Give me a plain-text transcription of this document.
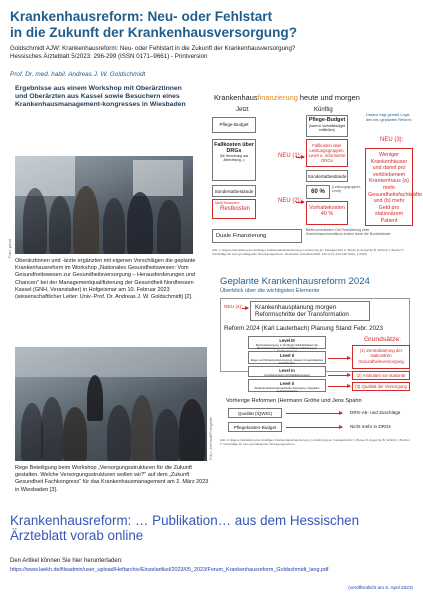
Krankenhausreform: Neu- oder Fehlstart
in die Zukunft der Krankenhausversorgung?
Goldschmidt AJW: Krankenhausreform: Neu- oder Fehlstart in die Zukunft der Krankenhausversorgung?
Hessisches Ärzteblatt 5/2023: 296-299 (ISSN 0171–9661) - Printversion
Prof. Dr. med. habil. Andreas J. W. Goldschmidt
Ergebnisse aus einem Workshop mit Oberärztinnen und Oberärzten aus Kassel sowie Besuchern eines Krankenhausmanagement-kongresses in Wiesbaden
Foto: privat
Oberärztinnen und -ärzte ergänzten mit eigenen Vorschlägen die geplante Krankenhausreform im Workshop „Nationales Gesundheitswesen: Vom Gesundheitswesen zur Gesundheitsversorgung – Herausforderungen und Chancen" bei der Managementqualifizierung der Gesundheit Nordhessen Kassel (GNH, Veranstalter) in Hofgeismar am 10. Februar 2023 (wissenschaftlicher Leiter: Univ.-Prof. Dr. Andreas J. W. Goldschmidt) [2].
Foto: JoeHardt/Fotografie
Rege Beteiligung beim Workshop „Versorgungsstrukturen für die Zukunft gestalten. Welche Versorgungsstrukturen wollen wir?" auf dem „Zukunft Gesundheit Fachkongress" für das Krankenhausmanagement am 2. März 2023 in Wiesbaden [3].
Krankenhausfinanzierung heute und morgen
Jetzt	Künftig
Pflege-Budget
Pflege-Budget
(kann in Vorhaltebudget einfließen)
Fallkosten über DRGs
(für Verordnung aus Abrechnung...)
NEU (1):
Fallkosten über Leistungsgruppen, Level u. reformierte DRGs
Sondertatbestände
Sondertatbestände
Nicht finanziert:
Restkosten
NEU (2):
60 %
(Leistungsgruppen, Level)
Vorhaltekosten 40 %
Duale Finanzierung
Bleibt unverändert: Die Finanzierung einer Krankenhausinvestitions-kosten durch die Bundesländer
Daraus folgt gemäß Logik des neu geplanten Reform:
NEU (3):
Weniger Krankenhäuser und damit pro verbliebenem Krankenhaus (a) mehr Gesundheitsfachkräfte und (b) mehr Geld pro stationärem Patient
Abb. 1: Eigene Darstellung der künftigen Krankenhausfinanzierung in Anlehnung an: Karagiannidis C, Busse R, Augurzky B, Schmitt J, Bucher T. Vorschläge für eine grundlegende Versorgungsreform. Deutsches Ärzteblatt 2023: 120 (1-2): A12-A18 (KHA_1 2023)
Geplante Krankenhausreform 2024
Überblick über die wichtigsten Elemente
NEU (4): Krankenhausplanung morgen
Reformschritte der Transformation
Reform 2024 (Karl Lauterbach) Planung Stand Febr. 2023
Grundsätze:
Level III
Maximalversorgung, in der Regel Uniklinik/Häuser der Maximalversorgung mit unmittelbarer Anbindung zur
Level II
Regel- und Schwerpunktversorgung, Häuser mit spezialisierten Einrichtungen
Level In
Grundversorgung mit Notfallversorgung
Level Ii
Regional-sektorenübergreifende Versorgung, Integration ambulant/stationär
(1) Zentralisierung der stationären Gesundheitsversorgung
(2) Ambulant vor stationär
(3) Qualität der Versorgung
Vorherige Reformen (Hermann Gröhe und Jens Spahn
Qualität (IQWIG)	DRG-Ab- und Zuschläge
Pflegekosten-Budget	Nicht mehr in DRGs
Abb. 2: Eigene Darstellung der künftigen Krankenhausfinanzierung, in Anlehnung an: Karagiannidis C, Busse R, Augurzky B, Schmitt J, Bucher T. Vorschläge für eine grundlegende Versorgungsreform.
Krankenhausreform: … Publikation… aus dem Hessischen Ärzteblatt vorab online
Den Artikel können Sie hier herunterladen:
https://www.laekh.de/fileadmin/user_upload/Heftarchiv/Einzelartikel/2023/05_2023/Forum_Krankenhausreform_Goldschmidt_lang.pdf
(veröffentlicht am 5. April 2023)
